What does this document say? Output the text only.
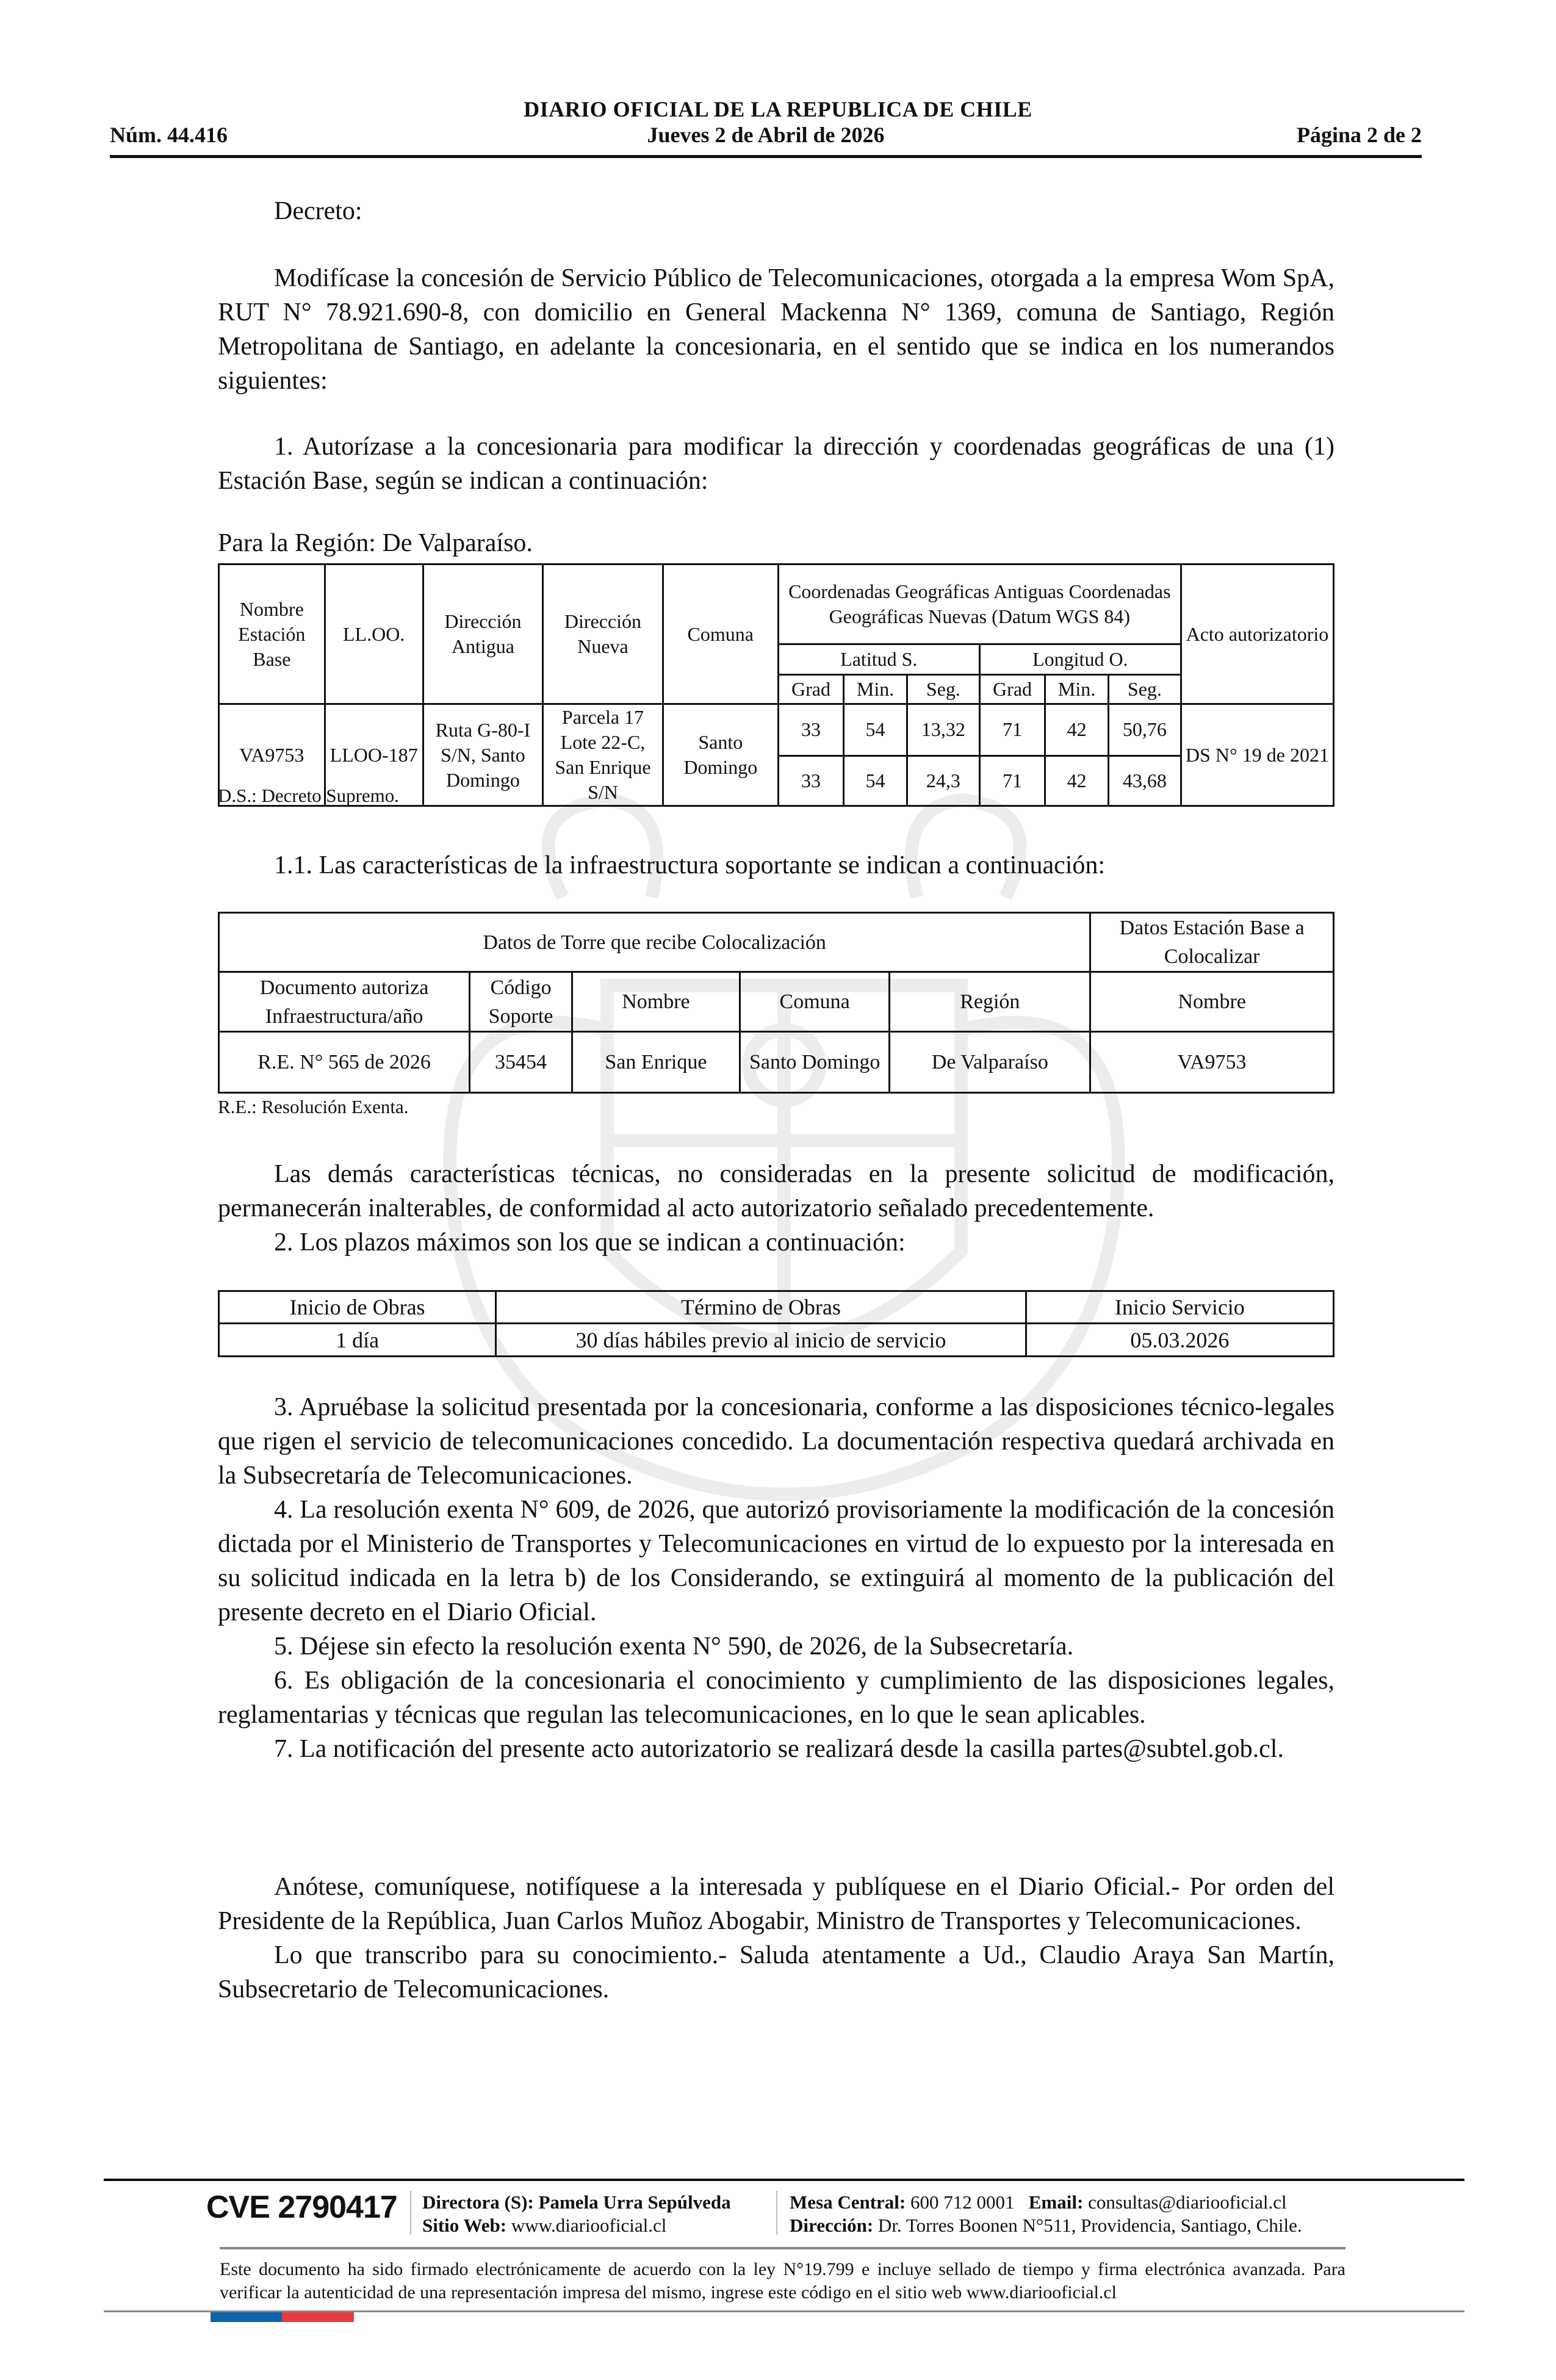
DIARIO OFICIAL DE LA REPUBLICA DE CHILE
Núm. 44.416	Jueves 2 de Abril de 2026	Página 2 de 2
Decreto:

Modifícase la concesión de Servicio Público de Telecomunicaciones, otorgada a la empresa Wom SpA, RUT N° 78.921.690-8, con domicilio en General Mackenna N° 1369, comuna de Santiago, Región Metropolitana de Santiago, en adelante la concesionaria, en el sentido que se indica en los numerandos siguientes:

1. Autorízase a la concesionaria para modificar la dirección y coordenadas geográficas de una (1) Estación Base, según se indican a continuación:

Para la Región: De Valparaíso.
Nombre Estación Base	LL.OO.	Dirección Antigua	Dirección Nueva	Comuna	Coordenadas Geográficas Antiguas Coordenadas Geográficas Nuevas (Datum WGS 84)						Acto autorizatorio
					Latitud S.			Longitud O.			
					Grad	Min.	Seg.	Grad	Min.	Seg.	
VA9753	LLOO-187	Ruta G-80-I S/N, Santo Domingo	Parcela 17 Lote 22-C, San Enrique S/N	Santo Domingo	33	54	13,32	71	42	50,76	DS N° 19 de 2021
					33	54	24,3	71	42	43,68	
D.S.: Decreto Supremo.
1.1. Las características de la infraestructura soportante se indican a continuación:
Datos de Torre que recibe Colocalización					Datos Estación Base a Colocalizar
Documento autoriza Infraestructura/año	Código Soporte	Nombre	Comuna	Región	Nombre
R.E. N° 565 de 2026	35454	San Enrique	Santo Domingo	De Valparaíso	VA9753
R.E.: Resolución Exenta.

Las demás características técnicas, no consideradas en la presente solicitud de modificación, permanecerán inalterables, de conformidad al acto autorizatorio señalado precedentemente.

2. Los plazos máximos son los que se indican a continuación:

Inicio de Obras	Término de Obras	Inicio Servicio
1 día	30 días hábiles previo al inicio de servicio	05.03.2026

3. Apruébase la solicitud presentada por la concesionaria, conforme a las disposiciones técnico-legales que rigen el servicio de telecomunicaciones concedido. La documentación respectiva quedará archivada en la Subsecretaría de Telecomunicaciones.

4. La resolución exenta N° 609, de 2026, que autorizó provisoriamente la modificación de la concesión dictada por el Ministerio de Transportes y Telecomunicaciones en virtud de lo expuesto por la interesada en su solicitud indicada en la letra b) de los Considerando, se extinguirá al momento de la publicación del presente decreto en el Diario Oficial.

5. Déjese sin efecto la resolución exenta N° 590, de 2026, de la Subsecretaría.

6. Es obligación de la concesionaria el conocimiento y cumplimiento de las disposiciones legales, reglamentarias y técnicas que regulan las telecomunicaciones, en lo que le sean aplicables.

7. La notificación del presente acto autorizatorio se realizará desde la casilla partes@subtel.gob.cl.

Anótese, comuníquese, notifíquese a la interesada y publíquese en el Diario Oficial.- Por orden del Presidente de la República, Juan Carlos Muñoz Abogabir, Ministro de Transportes y Telecomunicaciones.

Lo que transcribo para su conocimiento.- Saluda atentamente a Ud., Claudio Araya San Martín, Subsecretario de Telecomunicaciones.

CVE 2790417 Directora (S): Pamela Urra Sepúlveda
Sitio Web: www.diariooficial.cl
Mesa Central: 600 712 0001 Email: consultas@diariooficial.cl
Dirección: Dr. Torres Boonen N°511, Providencia, Santiago, Chile.
Este documento ha sido firmado electrónicamente de acuerdo con la ley N°19.799 e incluye sellado de tiempo y firma electrónica avanzada. Para verificar la autenticidad de una representación impresa del mismo, ingrese este código en el sitio web www.diariooficial.cl
